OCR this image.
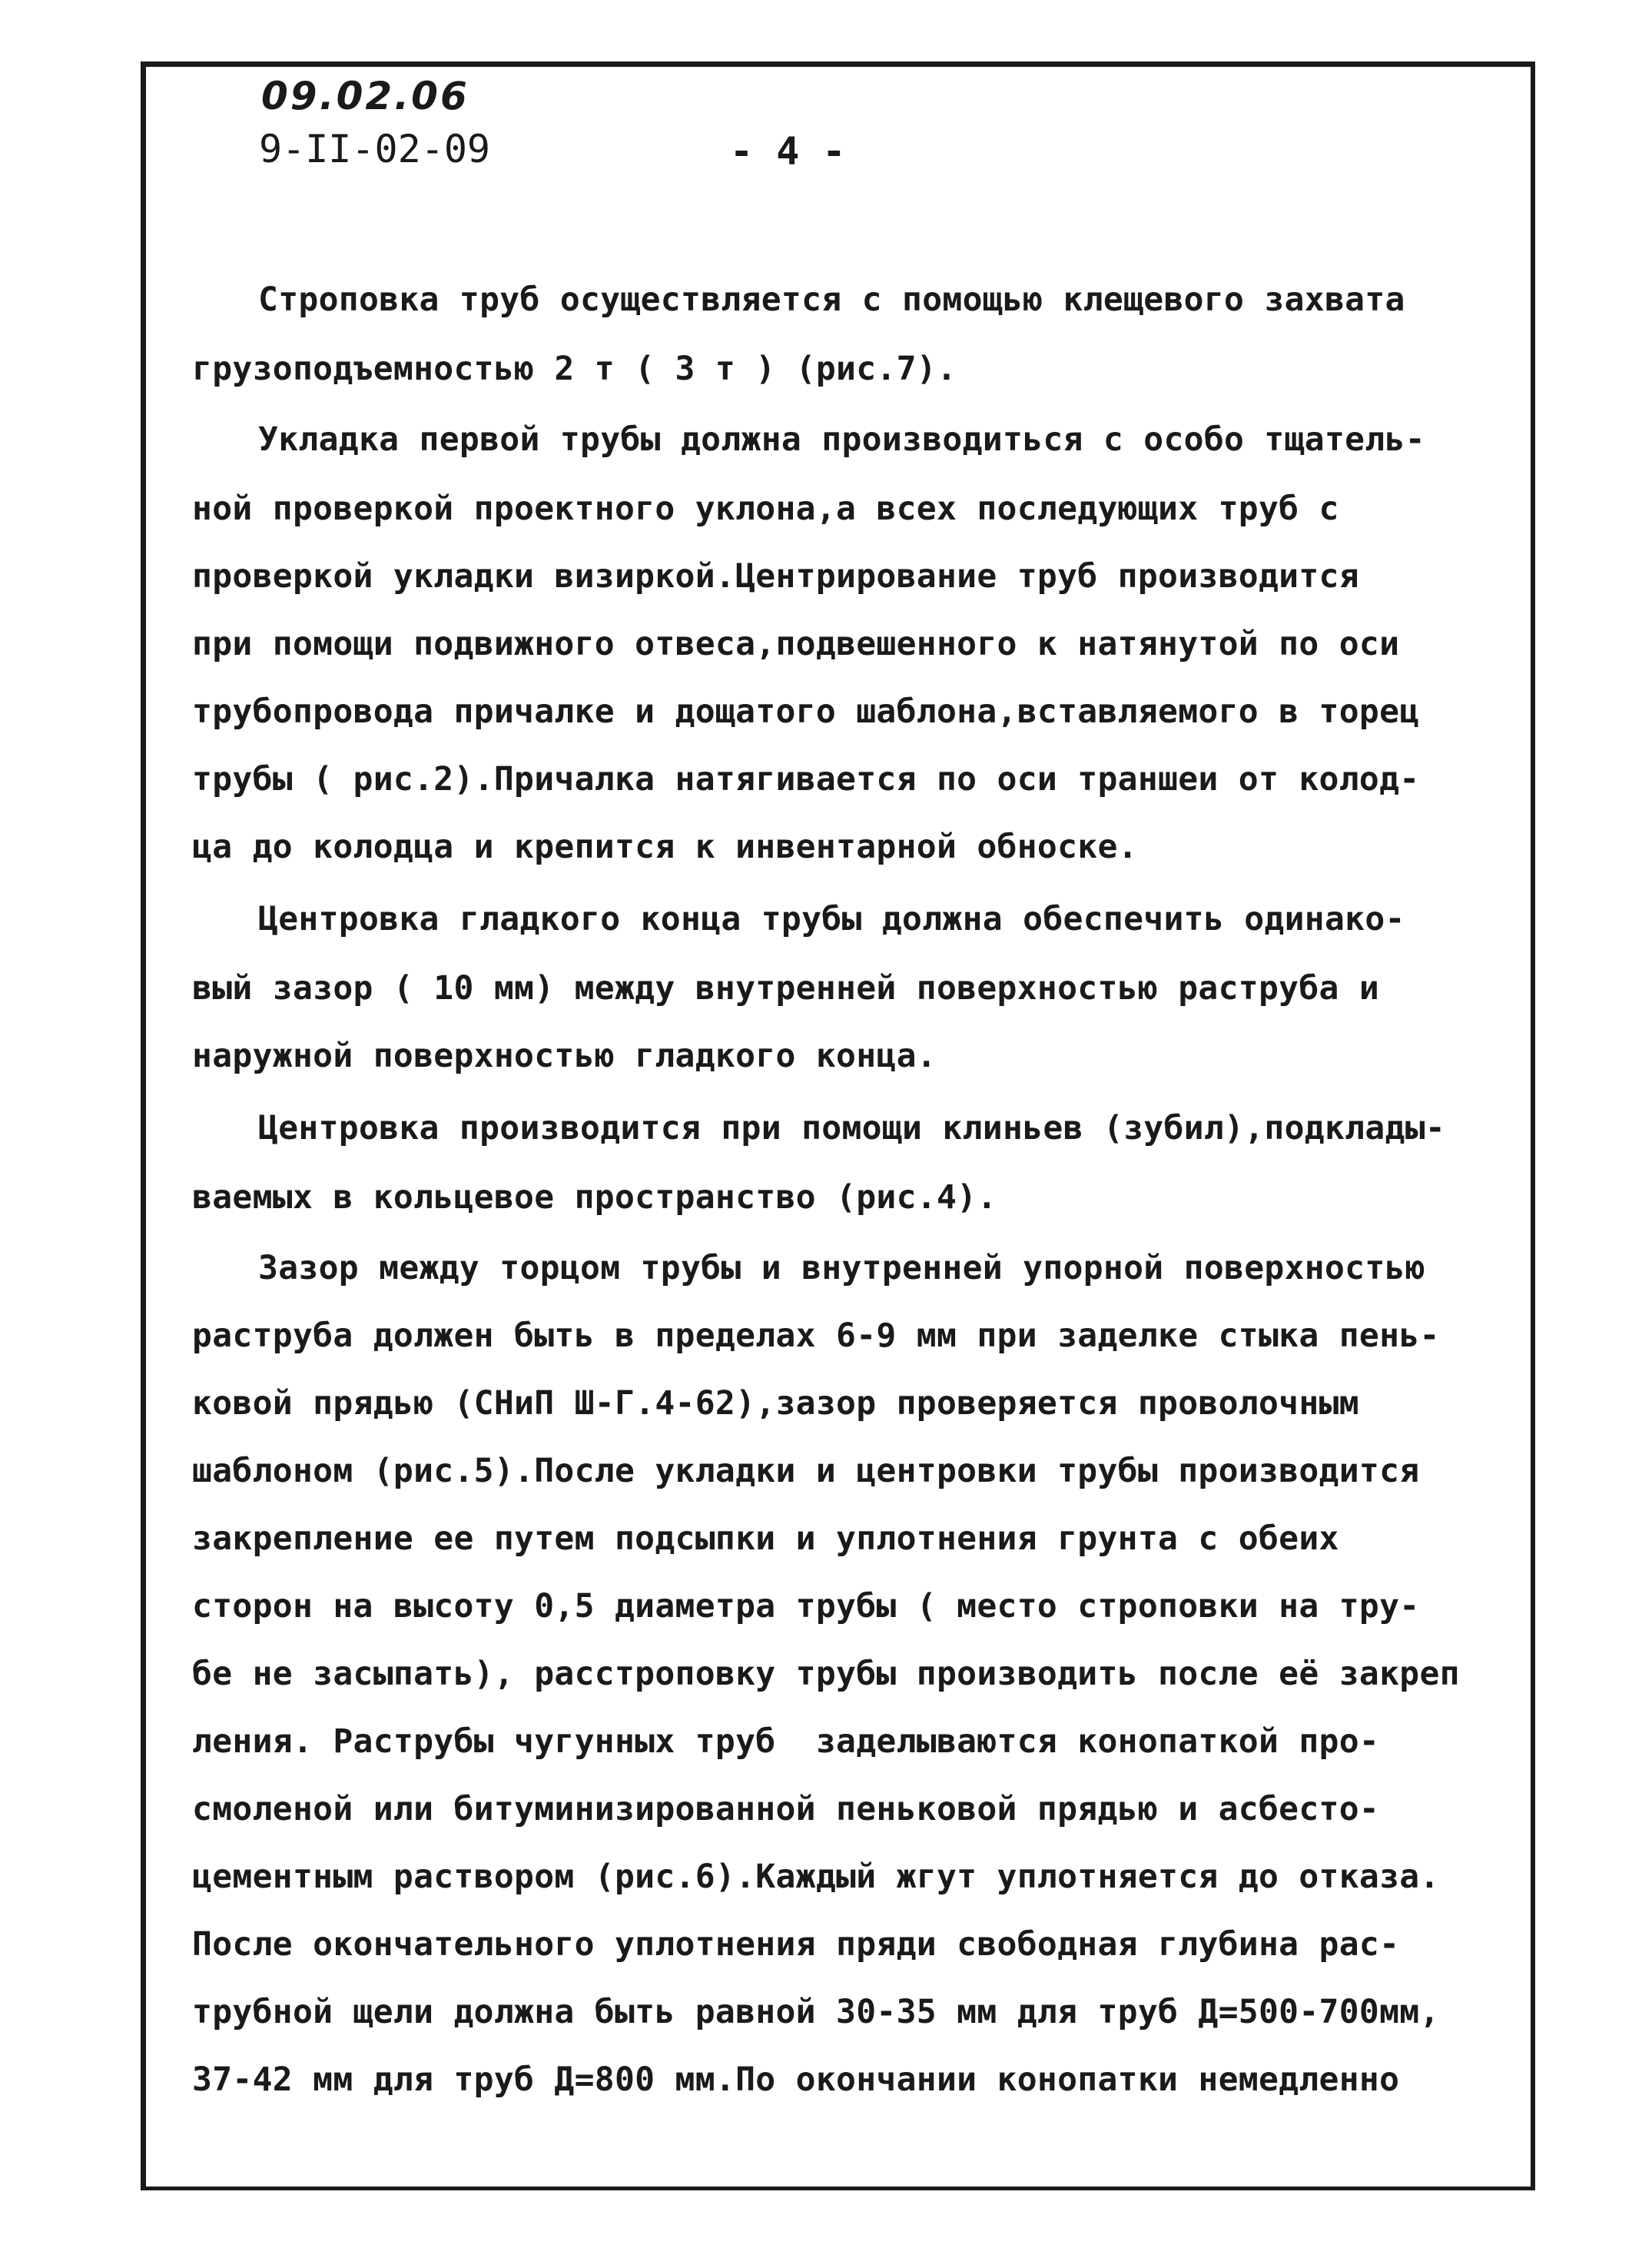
09.02.06
9-II-02-09	- 4 -
Строповка труб осуществляется с помощью клещевого захвата
грузоподъемностью 2 т ( 3 т ) (рис.7).
Укладка первой трубы должна производиться с особо тщатель-
ной проверкой проектного уклона,а всех последующих труб с
проверкой укладки визиркой.Центрирование труб производится
при помощи подвижного отвеса,подвешенного к натянутой по оси
трубопровода причалке и дощатого шаблона,вставляемого в торец
трубы ( рис.2).Причалка натягивается по оси траншеи от колод-
ца до колодца и крепится к инвентарной обноске.
Центровка гладкого конца трубы должна обеспечить одинако-
вый зазор ( 10 мм) между внутренней поверхностью раструба и
наружной поверхностью гладкого конца.
Центровка производится при помощи клиньев (зубил),подклады-
ваемых в кольцевое пространство (рис.4).
Зазор между торцом трубы и внутренней упорной поверхностью
раструба должен быть в пределах 6-9 мм при заделке стыка пень-
ковой прядью (СНиП Ш-Г.4-62),зазор проверяется проволочным
шаблоном (рис.5).После укладки и центровки трубы производится
закрепление ее путем подсыпки и уплотнения грунта с обеих
сторон на высоту 0,5 диаметра трубы ( место строповки на тру-
бе не засыпать), расстроповку трубы производить после её закреп
ления. Раструбы чугунных труб  заделываются конопаткой про-
смоленой или битуминизированной пеньковой прядью и асбесто-
цементным раствором (рис.6).Каждый жгут уплотняется до отказа.
После окончательного уплотнения пряди свободная глубина рас-
трубной щели должна быть равной 30-35 мм для труб Д=500-700мм,
37-42 мм для труб Д=800 мм.По окончании конопатки немедленно
